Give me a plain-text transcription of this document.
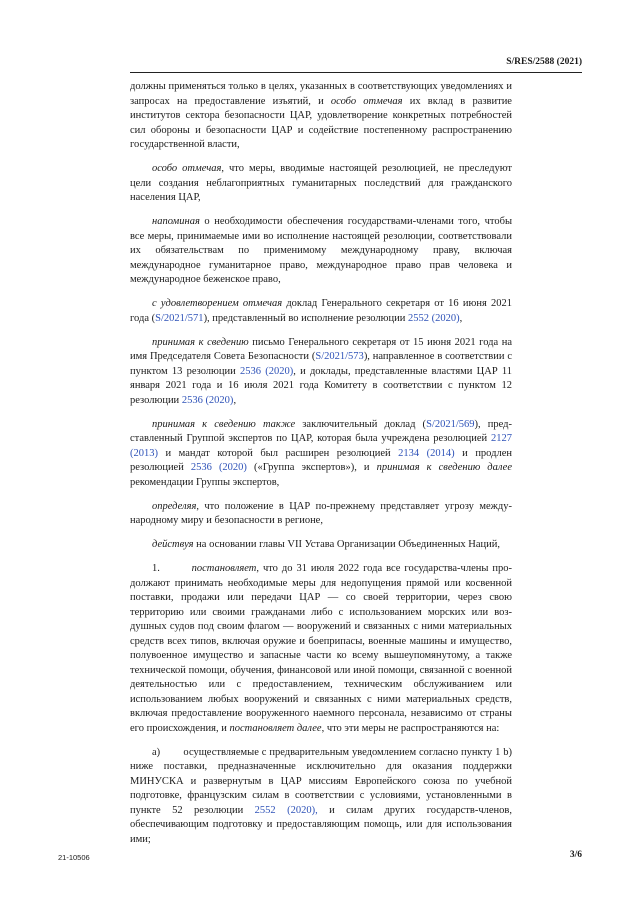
S/RES/2588 (2021)

должны применяться только в целях, указанных в соответствующих уведомлениях и запросах на предоставление изъятий, и особо отмечая их вклад в развитие институтов сектора безопасности ЦАР, удовлетворение конкретных потребностей сил обороны и безопасности ЦАР и содействие постепенному распространению государственной власти,

особо отмечая, что меры, вводимые настоящей резолюцией, не преследуют цели создания неблагоприятных гуманитарных последствий для гражданского населения ЦАР,

напоминая о необходимости обеспечения государствами-членами того, чтобы все меры, принимаемые ими во исполнение настоящей резолюции, соответствовали их обязательствам по применимому международному праву, включая международное гуманитарное право, международное право прав человека и международное беженское право,

с удовлетворением отмечая доклад Генерального секретаря от 16 июня 2021 года (S/2021/571), представленный во исполнение резолюции 2552 (2020),

принимая к сведению письмо Генерального секретаря от 15 июня 2021 года на имя Председателя Совета Безопасности (S/2021/573), направленное в соответствии с пунктом 13 резолюции 2536 (2020), и доклады, представленные властями ЦАР 11 января 2021 года и 16 июля 2021 года Комитету в соответствии с пунктом 12 резолюции 2536 (2020),

принимая к сведению также заключительный доклад (S/2021/569), представленный Группой экспертов по ЦАР, которая была учреждена резолюцией 2127 (2013) и мандат которой был расширен резолюцией 2134 (2014) и продлен резолюцией 2536 (2020) («Группа экспертов»), и принимая к сведению далее рекомендации Группы экспертов,

определяя, что положение в ЦАР по-прежнему представляет угрозу международному миру и безопасности в регионе,

действуя на основании главы VII Устава Организации Объединенных Наций,

1.        постановляет, что до 31 июля 2022 года все государства-члены продолжают принимать необходимые меры для недопущения прямой или косвенной поставки, продажи или передачи ЦАР — со своей территории, через свою территорию или своими гражданами либо с использованием морских или воздушных судов под своим флагом — вооружений и связанных с ними материальных средств всех типов, включая оружие и боеприпасы, военные машины и имущество, полувоенное имущество и запасные части ко всему вышеупомянутому, а также технической помощи, обучения, финансовой или иной помощи, связанной с военной деятельностью или с предоставлением, техническим обслуживанием или использованием любых вооружений и связанных с ними материальных средств, включая предоставление вооруженного наемного персонала, независимо от страны его происхождения, и постановляет далее, что эти меры не распространяются на:

a)        осуществляемые с предварительным уведомлением согласно пункту 1 b) ниже поставки, предназначенные исключительно для оказания поддержки МИНУСКА и развернутым в ЦАР миссиям Европейского союза по учебной подготовке, французским силам в соответствии с условиями, установленными в пункте 52 резолюции 2552 (2020), и силам других государств-членов, обеспечивающим подготовку и предоставляющим помощь, или для использования ими;

21-10506	3/6
